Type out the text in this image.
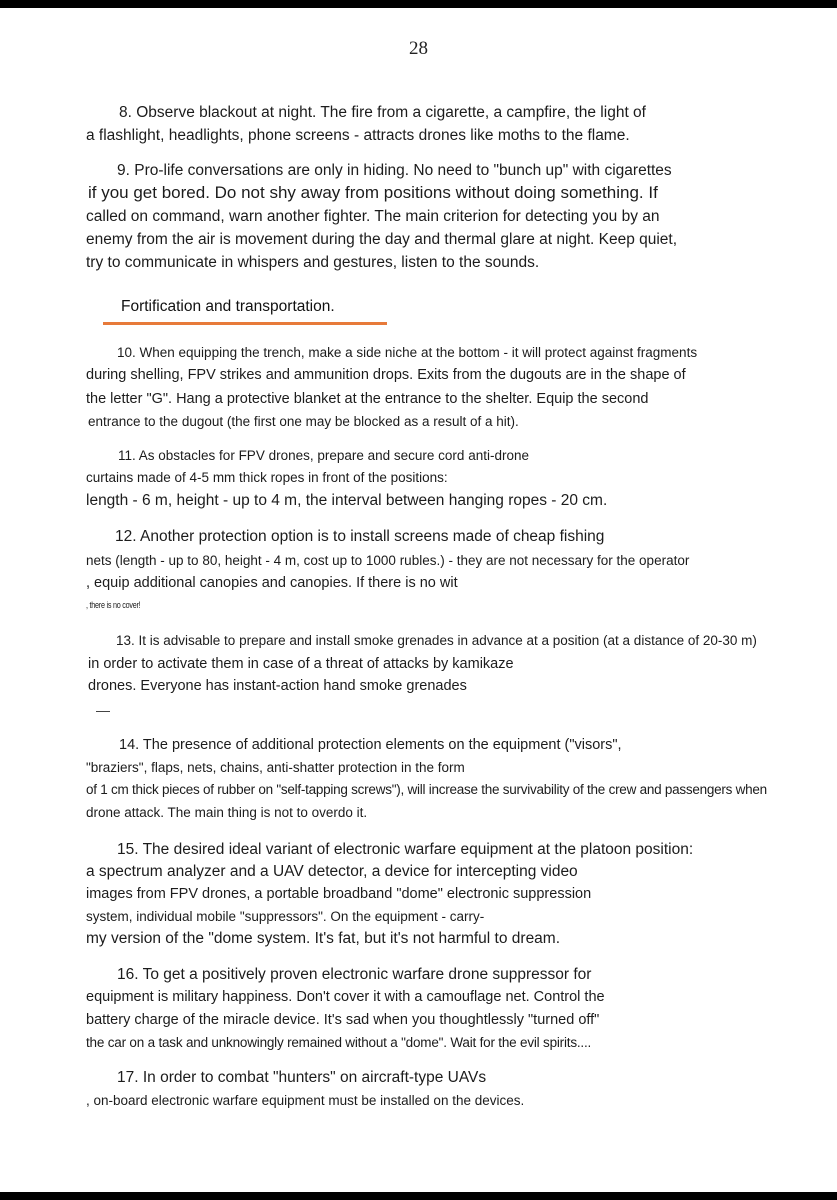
28
8. Observe blackout at night. The fire from a cigarette, a campfire, the light of
a flashlight, headlights, phone screens - attracts drones like moths to the flame.
9. Pro-life conversations are only in hiding. No need to "bunch up" with cigarettes
if you get bored. Do not shy away from positions without doing something. If
called on command, warn another fighter. The main criterion for detecting you by an
enemy from the air is movement during the day and thermal glare at night. Keep quiet,
try to communicate in whispers and gestures, listen to the sounds.
Fortification and transportation.
10. When equipping the trench, make a side niche at the bottom - it will protect against fragments
during shelling, FPV strikes and ammunition drops. Exits from the dugouts are in the shape of
the letter "G". Hang a protective blanket at the entrance to the shelter. Equip the second
entrance to the dugout (the first one may be blocked as a result of a hit).
11. As obstacles for FPV drones, prepare and secure cord anti-drone
curtains made of 4-5 mm thick ropes in front of the positions:
length - 6 m, height - up to 4 m, the interval between hanging ropes - 20 cm.
12. Another protection option is to install screens made of cheap fishing
nets (length - up to 80, height - 4 m, cost up to 1000 rubles.) - they are not necessary for the operator
, equip additional canopies and canopies. If there is no wit
, there is no cover!
13. It is advisable to prepare and install smoke grenades in advance at a position (at a distance of 20-30 m)
in order to activate them in case of a threat of attacks by kamikaze
drones. Everyone has instant-action hand smoke grenades
14. The presence of additional protection elements on the equipment ("visors",
"braziers", flaps, nets, chains, anti-shatter protection in the form
of 1 cm thick pieces of rubber on "self-tapping screws"), will increase the survivability of the crew and passengers when
drone attack. The main thing is not to overdo it.
15. The desired ideal variant of electronic warfare equipment at the platoon position:
a spectrum analyzer and a UAV detector, a device for intercepting video
images from FPV drones, a portable broadband "dome" electronic suppression
system, individual mobile "suppressors". On the equipment - carry-
my version of the "dome system. It's fat, but it's not harmful to dream.
16. To get a positively proven electronic warfare drone suppressor for
equipment is military happiness. Don't cover it with a camouflage net. Control the
battery charge of the miracle device. It's sad when you thoughtlessly "turned off"
the car on a task and unknowingly remained without a "dome". Wait for the evil spirits....
17. In order to combat "hunters" on aircraft-type UAVs
, on-board electronic warfare equipment must be installed on the devices.
